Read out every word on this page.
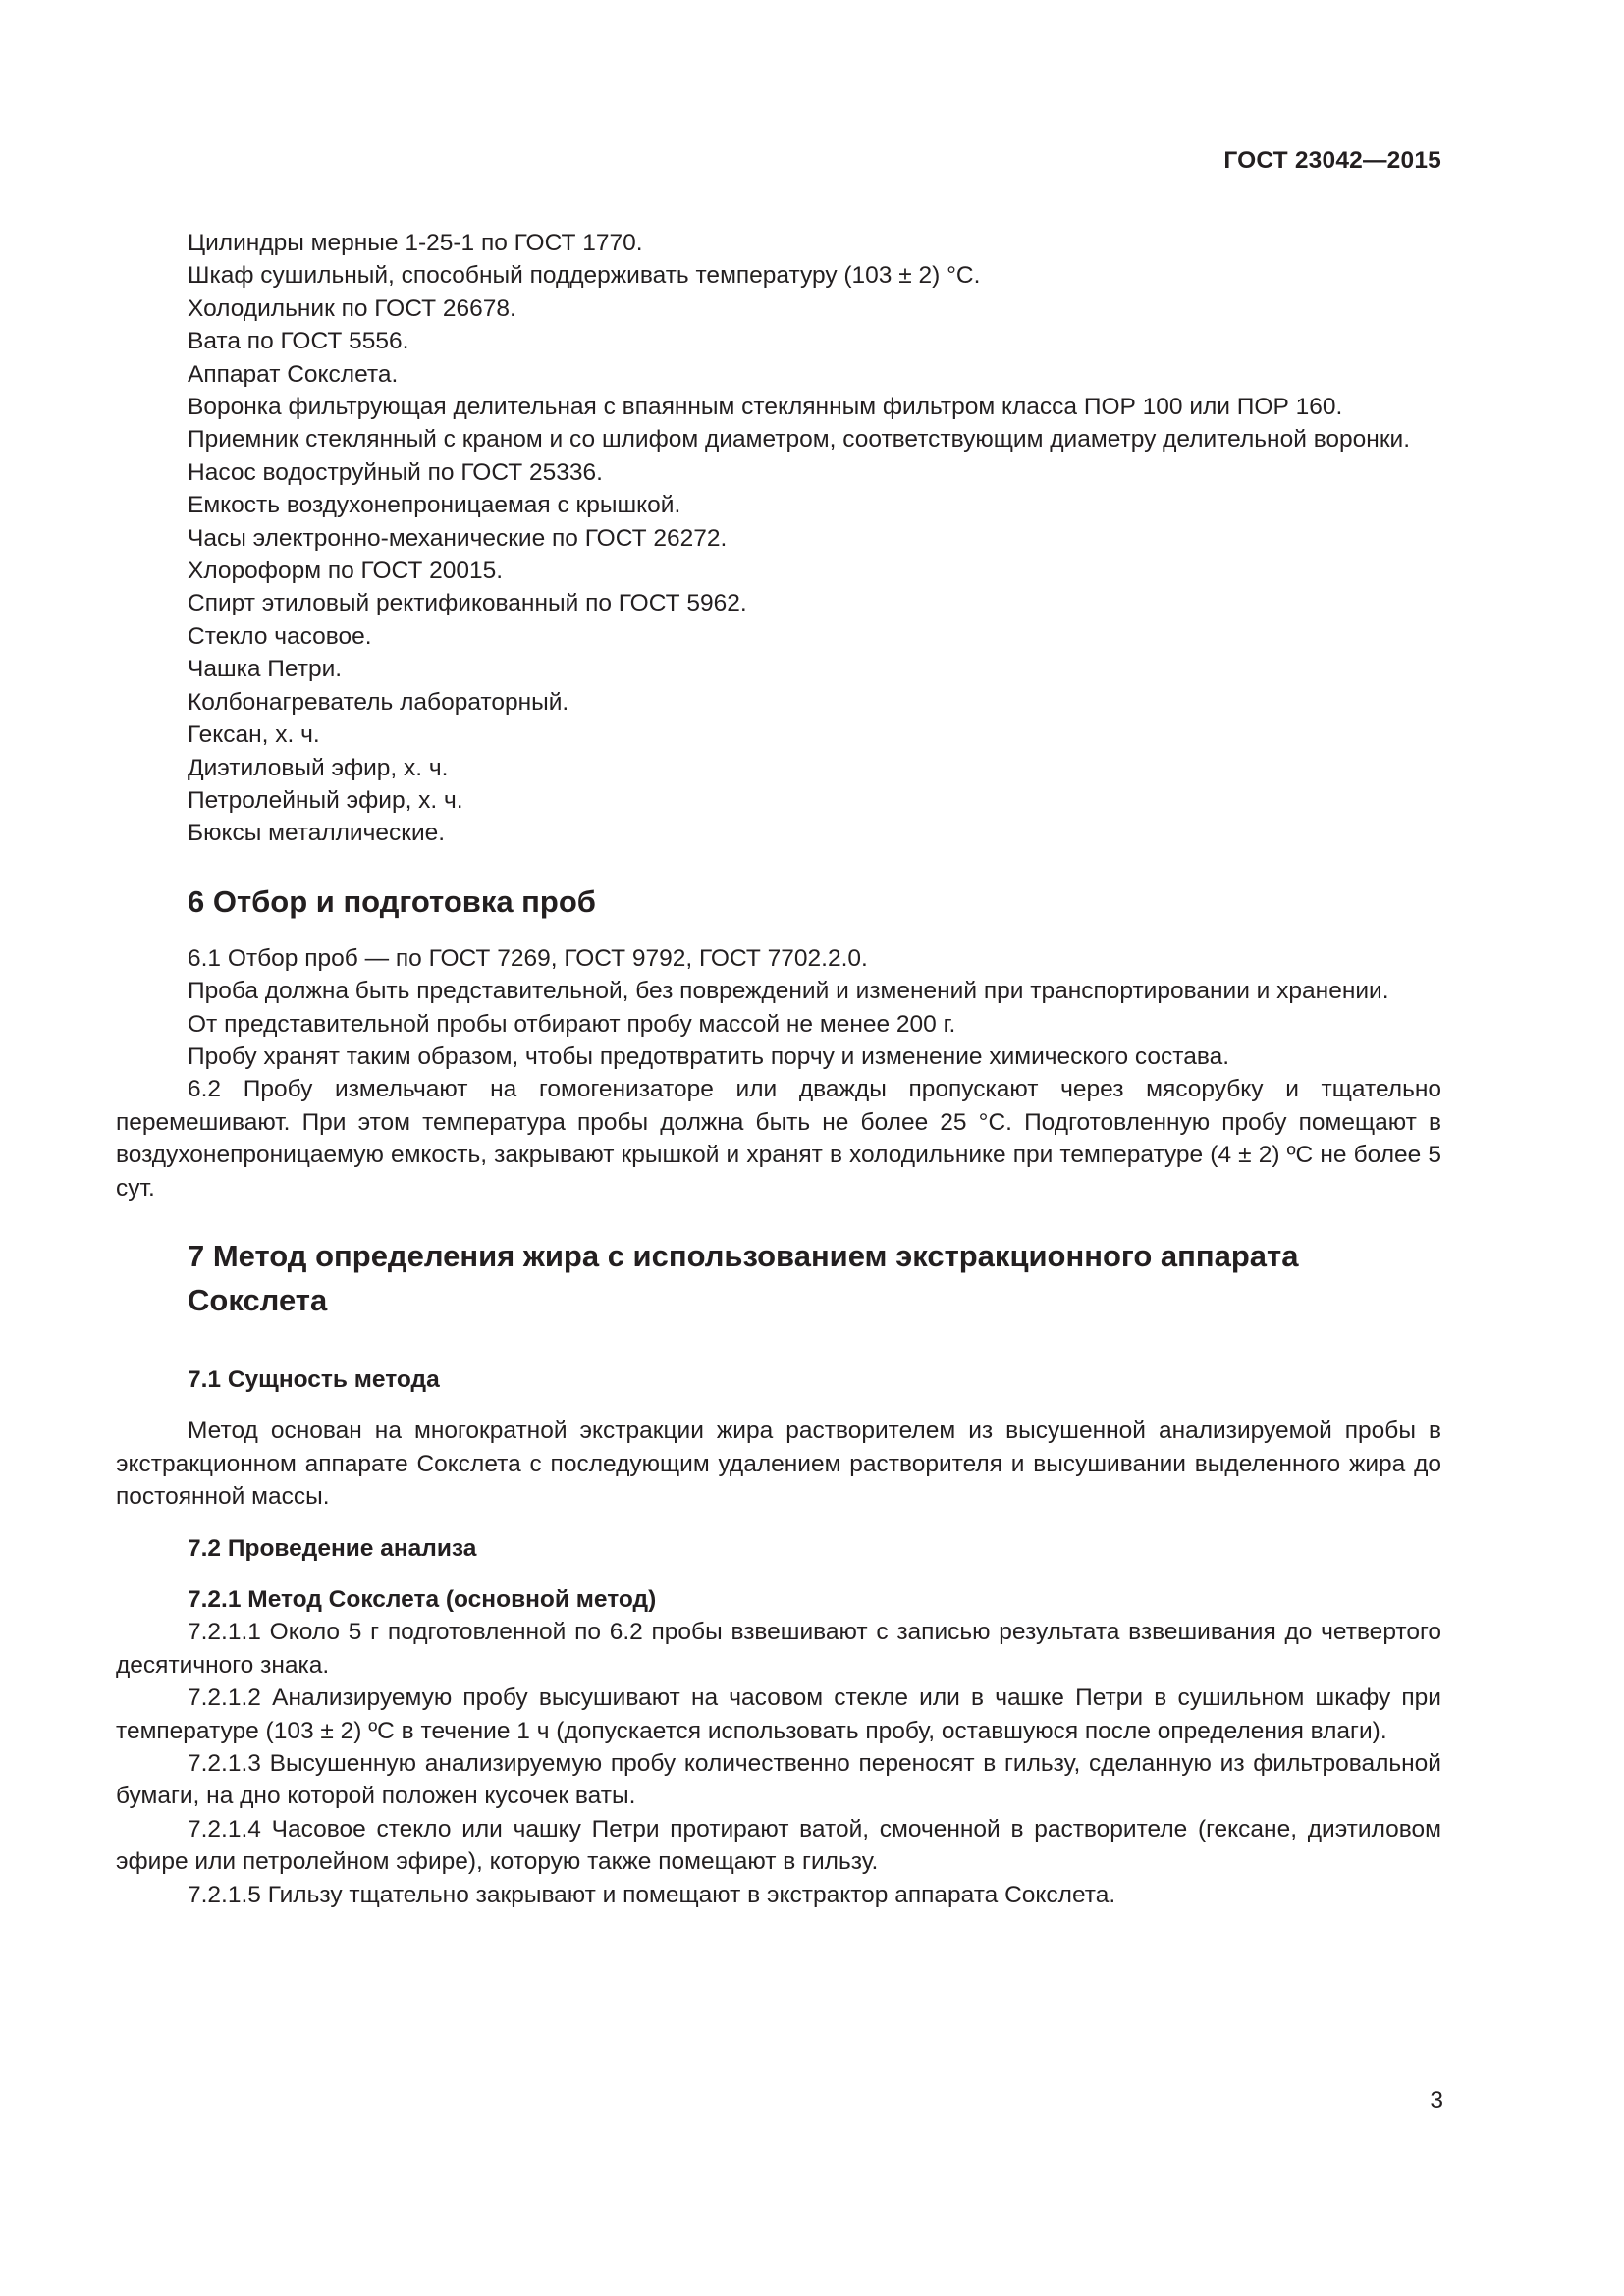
ГОСТ 23042—2015

Цилиндры мерные 1-25-1 по ГОСТ 1770.

Шкаф сушильный, способный поддерживать температуру (103 ± 2) °С.

Холодильник по ГОСТ 26678.

Вата по ГОСТ 5556.

Аппарат Сокслета.

Воронка фильтрующая делительная с впаянным стеклянным фильтром класса ПОР 100 или ПОР 160.

Приемник стеклянный с краном и со шлифом диаметром, соответствующим диаметру делительной воронки.

Насос водоструйный по ГОСТ 25336.

Емкость воздухонепроницаемая с крышкой.

Часы электронно-механические по ГОСТ 26272.

Хлороформ по ГОСТ 20015.

Спирт этиловый ректификованный по ГОСТ 5962.

Стекло часовое.

Чашка Петри.

Колбонагреватель лабораторный.

Гексан, х. ч.

Диэтиловый эфир, х. ч.

Петролейный эфир, х. ч.

Бюксы металлические.

6 Отбор и подготовка проб

6.1 Отбор проб — по ГОСТ 7269, ГОСТ 9792, ГОСТ 7702.2.0.

Проба должна быть представительной, без повреждений и изменений при транспортировании и хранении.

От представительной пробы отбирают пробу массой не менее 200 г.

Пробу хранят таким образом, чтобы предотвратить порчу и изменение химического состава.

6.2 Пробу измельчают на гомогенизаторе или дважды пропускают через мясорубку и тщательно перемешивают. При этом температура пробы должна быть не более 25 °С. Подготовленную пробу помещают в воздухонепроницаемую емкость, закрывают крышкой и хранят в холодильнике при температуре (4 ± 2) ºС не более 5 сут.

7 Метод определения жира с использованием экстракционного аппарата Сокслета
7.1 Сущность метода

Метод основан на многократной экстракции жира растворителем из высушенной анализируемой пробы в экстракционном аппарате Сокслета с последующим удалением растворителя и высушивании выделенного жира до постоянной массы.

7.2 Проведение анализа
7.2.1 Метод Сокслета (основной метод)

7.2.1.1 Около 5 г подготовленной по 6.2 пробы взвешивают с записью результата взвешивания до четвертого десятичного знака.

7.2.1.2 Анализируемую пробу высушивают на часовом стекле или в чашке Петри в сушильном шкафу при температуре (103 ± 2) ºС в течение 1 ч (допускается использовать пробу, оставшуюся после определения влаги).

7.2.1.3 Высушенную анализируемую пробу количественно переносят в гильзу, сделанную из фильтровальной бумаги, на дно которой положен кусочек ваты.

7.2.1.4 Часовое стекло или чашку Петри протирают ватой, смоченной в растворителе (гексане, диэтиловом эфире или петролейном эфире), которую также помещают в гильзу.

7.2.1.5 Гильзу тщательно закрывают и помещают в экстрактор аппарата Сокслета.

3
